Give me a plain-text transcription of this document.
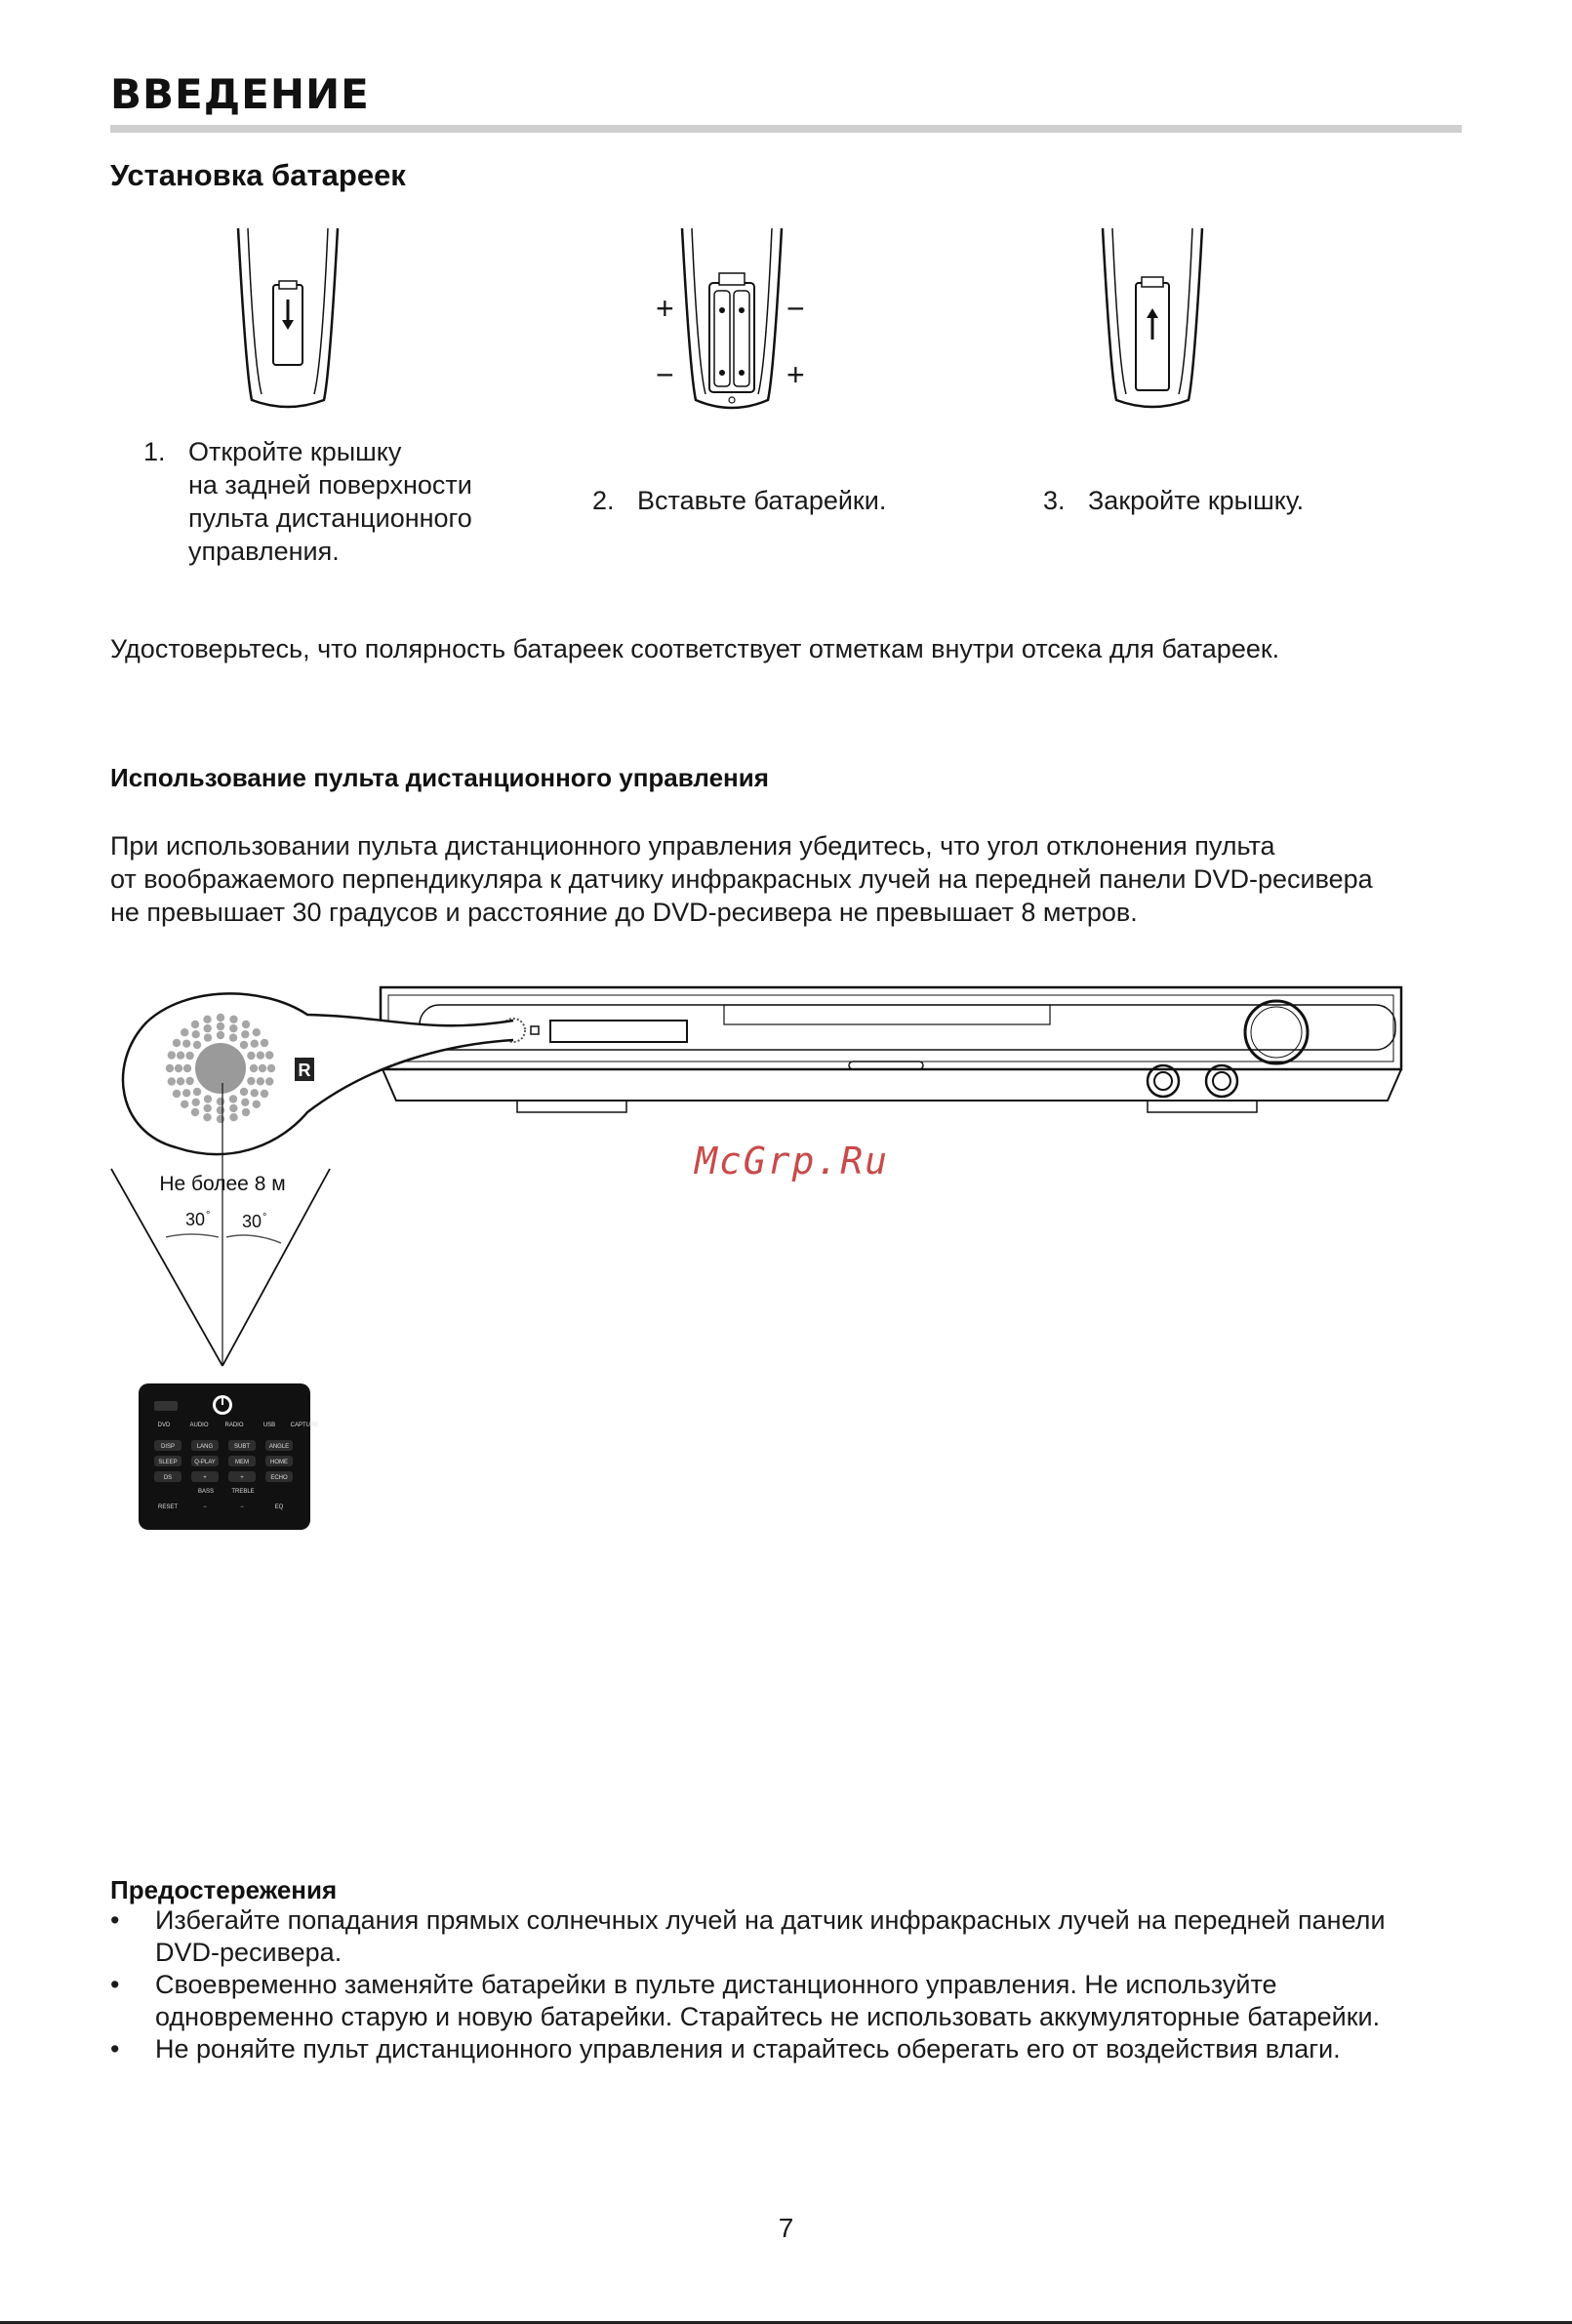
ВВЕДЕНИЕ
Установка батареек
+	−
−	+
1. Откройте крышку
на задней поверхности
пульта дистанционного
управления.
2. Вставьте батарейки.	3. Закройте крышку.
Удостоверьтесь, что полярность батареек соответствует отметкам внутри отсека для батареек.
Использование пульта дистанционного управления

При использовании пульта дистанционного управления убедитесь, что угол отклонения пульта

от воображаемого перпендикуляра к датчику инфракрасных лучей на передней панели DVD-ресивера

не превышает 30 градусов и расстояние до DVD-ресивера не превышает 8 метров.

R
Не более 8 м
30 ° 30 °
DVD	AUDIO	RADIO	USB	CAPTURE
DISP	LANG	SUBT	ANGLE
SLEEP	Q-PLAY	MEM	HOME
DS	+	+	ECHO
BASS	TREBLE
RESET	−	−	EQ
McGrp.Ru
Предостережения
• Избегайте попадания прямых солнечных лучей на датчик инфракрасных лучей на передней панели
DVD-ресивера.
• Своевременно заменяйте батарейки в пульте дистанционного управления. Не используйте
одновременно старую и новую батарейки. Старайтесь не использовать аккумуляторные батарейки.
• Не роняйте пульт дистанционного управления и старайтесь оберегать его от воздействия влаги.
7
